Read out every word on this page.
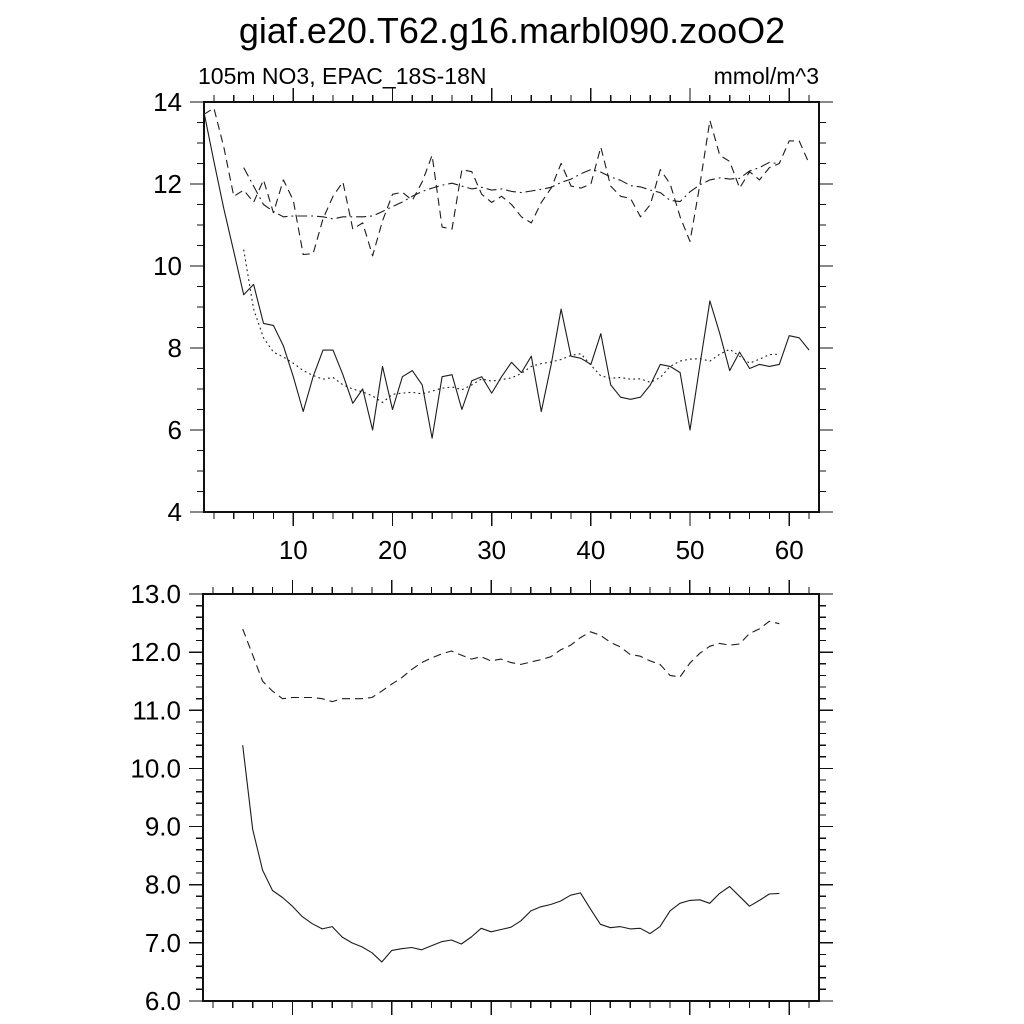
giaf.e20.T62.g16.marbl090.zooO2
105m NO3, EPAC_18S-18N	mmol/m^3
4
6
8
10
12
14
10	20	30	40	50	60
6.0
7.0
8.0
9.0
10.0
11.0
12.0
13.0
